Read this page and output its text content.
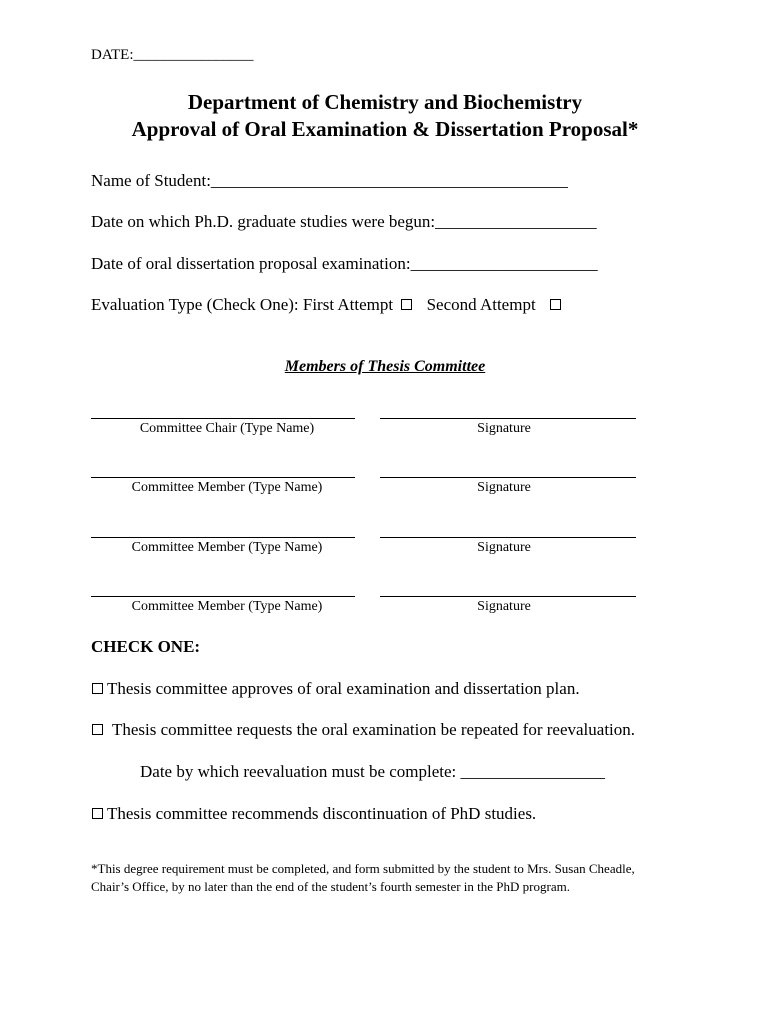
DATE:________________
Department of Chemistry and Biochemistry
Approval of Oral Examination & Dissertation Proposal*
Name of Student:__________________________________________
Date on which Ph.D. graduate studies were begun:___________________
Date of oral dissertation proposal examination:______________________
Evaluation Type (Check One): First Attempt Second Attempt
Members of Thesis Committee
Committee Chair (Type Name)	Signature
Committee Member (Type Name)	Signature
Committee Member (Type Name)	Signature
Committee Member (Type Name)	Signature
CHECK ONE:
Thesis committee approves of oral examination and dissertation plan.
Thesis committee requests the oral examination be repeated for reevaluation.
Date by which reevaluation must be complete: _________________
Thesis committee recommends discontinuation of PhD studies.
*This degree requirement must be completed, and form submitted by the student to Mrs. Susan Cheadle,
Chair’s Office, by no later than the end of the student’s fourth semester in the PhD program.
